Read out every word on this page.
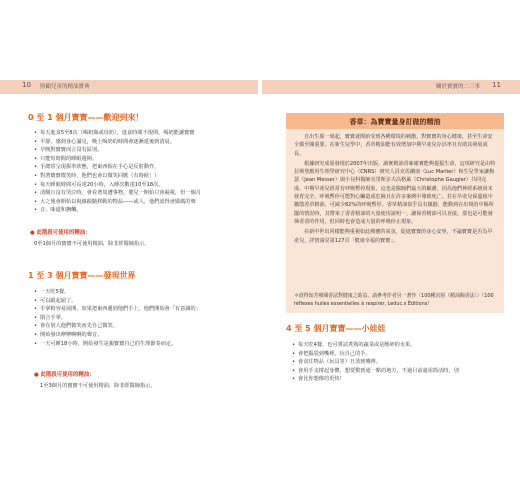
10 照顧兒童的精油寶典	關於寶寶的二三事 11
0 至 1 個月寶寶——歡迎到來！
• 每天進食5至8次（喝奶瓶或母奶），進食時間不規則，喝奶能讓寶寶
• 平靜，感到身心滿足，晚上喝奶的時間會逐漸延後到清晨。
• 早晚對寶寶而言沒有區別。
• 只能短時間的睡眠週期。
• 手總常呈現握拳狀態，把東西握在手心是反射動作。
• 對著寶寶微笑時，他們也會以微笑回應（有時候！）
• 每天睡眠時間可長達20小時，入睡次數達10至18次。
• 清醒且沒有哭泣時，會看著周遭事物，嬰兒一開始只會凝視，但一個月
• 大之後會開始以視線跟隨移動的物品——或人，他們認得爸媽媽的聲
• 音、味道和撫觸。
● 此階段可使用的精油：
0至1個月的寶寶不可使用精油，除非經醫師指示。
1 至 3 個月寶寶——發現世界
• 一天吃5餐。
• 可以跟起頭了。
• 手掌較容易展開，如果把東西遞到他們手上，他們開始會「有意識的」
• 閉合手掌。
• 會在別人他們微笑而先自己微笑。
• 開始發出咿咿啊啊的聲音。
• 一天可睡18小時，開始發生是親寶寶自己的生理節奏而定。
● 此階段可使用的精油：
1至3個月的寶寶不可使用精油，除非經醫師指示。
香草：為寶寶量身訂做的精油

自出生那一刻起，寶寶就開始受到各種環境的刺激，對寶寶的身心健康，甚至生命安全都至關重要。在新生兒學中，香草精油能有效增加中期早產兒存活率且有助其發展成長。

根據研究成果發現於2007年出版，讀實精油香味確實能夠提振生命，這項研究是由特拉斯堡應用生理學研究中心（CNRS）研究人員克馬蘭南（Luc Marlier）和生兒學家讓梅瑟（Jean Messer）與小兒科醫師克里斯多夫高格萊（Christophe Gaugler）共同完成。中期早產兒經常有呼吸暫停現象，這也是醫師們最大的顧慮，因為他們神經系統尚未發育完全，呼吸暫停可能對心臟造成危險且在許多案例中導致死亡。若在早產兒保溫箱中擴散香草精油，可減少82%的呼吸暫停。香草精油似乎具有鎮靜，能動到在出境的中樞所擺的情況時，其帶來了香香精油的大量使用說明一，讓保香精油可以直接，那也是可能發揮香香的作用，但同時也會造成大量的呼吸停止現象。

在新中世出同樣能夠重視如此療癒的氣氛，促進寶寶的身心安寧，不論寶寶是否為早產兒，詳情請見第127頁「健康幸福的寶寶」。

＊欲得知芳療閱香法對健康之助益，請參考作者另一著作〈100種沉射（精油閱香法）〉（100 réflexes huiles essentielles à respirer, Leduc.s Éditions）
4 至 5 個月寶寶——小娃娃
• 每天吃4餐，也可嘗試煮熟的蔬菜或是壓碎的水果。
• 會把腦袋到嘴裡，玩自己的手。
• 會食住物品（玩具等）且放到嘴裡。
• 會用手支撐起身體，想要驚到通一點的地方，不過目前還需抓活時，別
• 會比你想像的更快！
